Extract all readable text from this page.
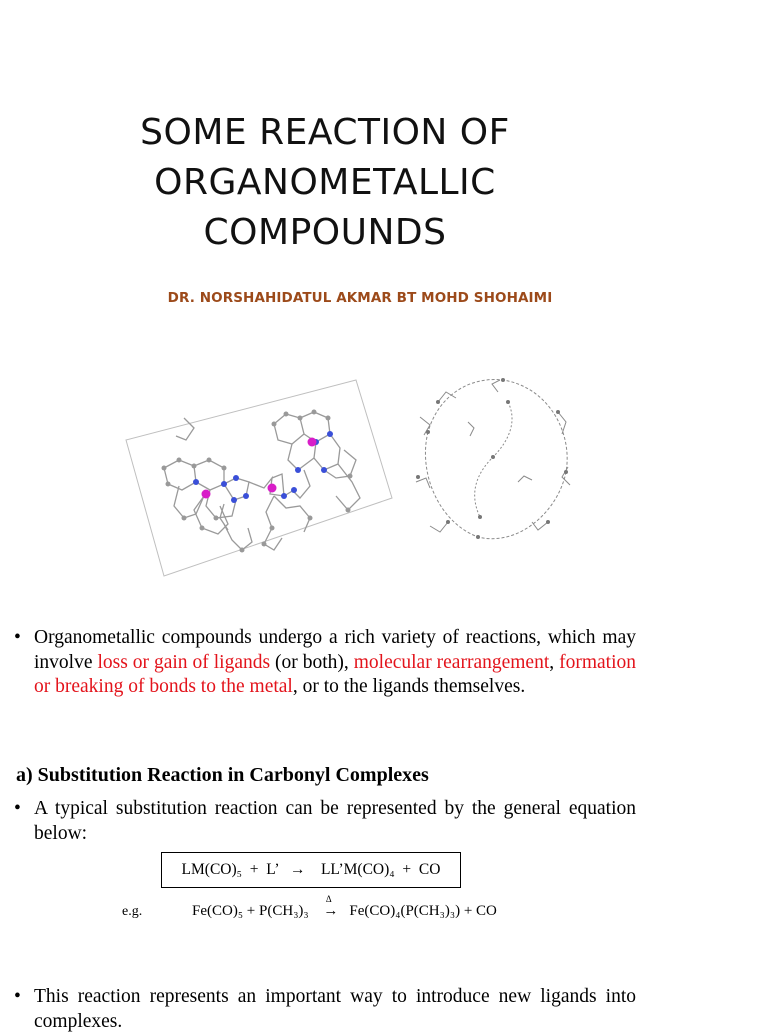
SOME REACTION OF
ORGANOMETALLIC
COMPOUNDS
DR. NORSHAHIDATUL AKMAR BT MOHD SHOHAIMI
• Organometallic compounds undergo a rich variety of reactions, which may involve loss or gain of ligands (or both), molecular rearrangement, formation or breaking of bonds to the metal, or to the ligands themselves.
a) Substitution Reaction in Carbonyl Complexes
• A typical substitution reaction can be represented by the general equation below:
LM(CO)₅  +  L’   →    LL’M(CO)₄  +  CO
e.g.	Fe(CO)₅ + P(CH₃)₃
Δ
→ Fe(CO)₄(P(CH₃)₃) + CO
• This reaction represents an important way to introduce new ligands into complexes.
